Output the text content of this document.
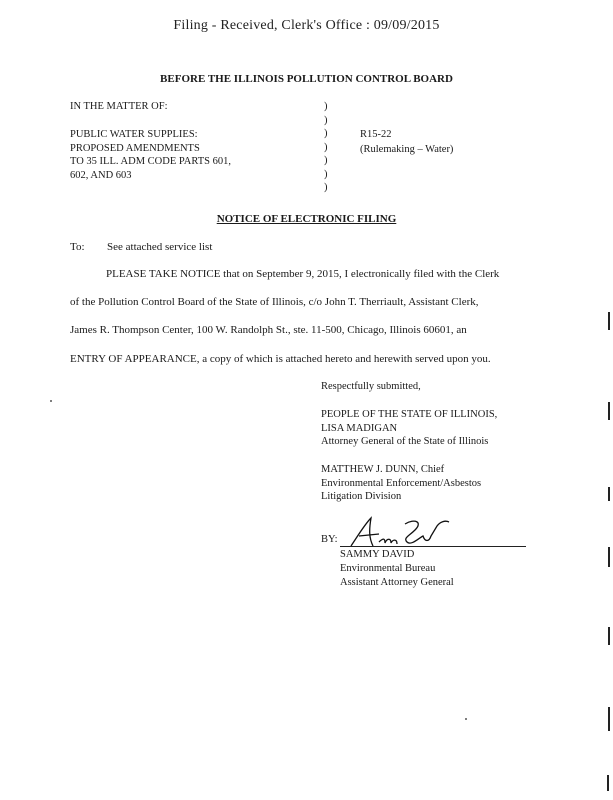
Filing - Received, Clerk's Office : 09/09/2015
BEFORE THE ILLINOIS POLLUTION CONTROL BOARD
IN THE MATTER OF:
PUBLIC WATER SUPPLIES:
PROPOSED AMENDMENTS
TO 35 ILL. ADM CODE PARTS 601,
602, AND 603
)
)
)
)
)
)
)
R15-22
(Rulemaking – Water)
NOTICE OF ELECTRONIC FILING
To: See attached service list
PLEASE TAKE NOTICE that on September 9, 2015, I electronically filed with the Clerk
of the Pollution Control Board of the State of Illinois, c/o John T. Therriault, Assistant Clerk,
James R. Thompson Center, 100 W. Randolph St., ste. 11-500, Chicago, Illinois 60601, an
ENTRY OF APPEARANCE, a copy of which is attached hereto and herewith served upon you.
Respectfully submitted,
PEOPLE OF THE STATE OF ILLINOIS,
LISA MADIGAN
Attorney General of the State of Illinois
MATTHEW J. DUNN, Chief
Environmental Enforcement/Asbestos
Litigation Division
BY:
SAMMY DAVID
Environmental Bureau
Assistant Attorney General
